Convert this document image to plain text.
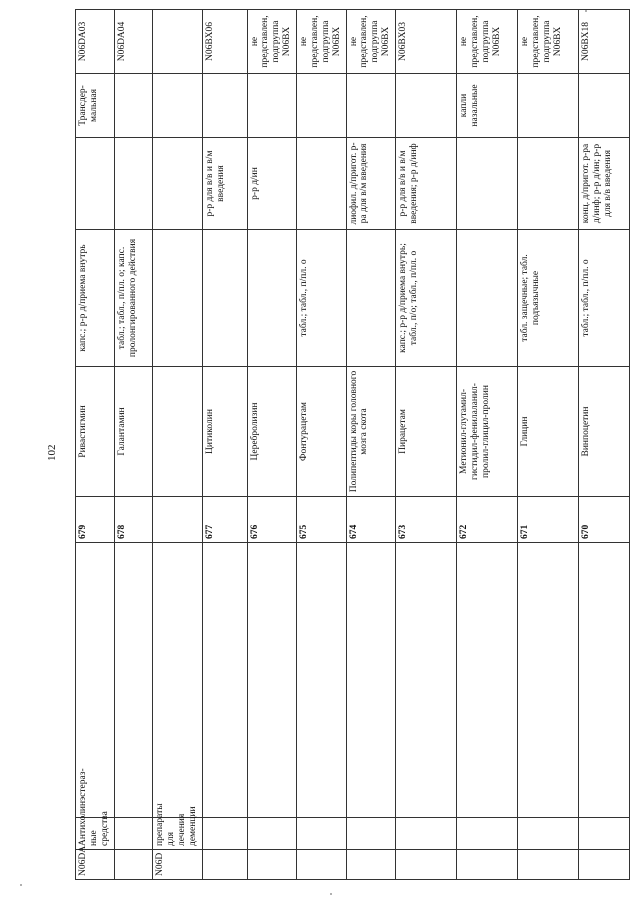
102
N06DA	Антихолинэстераз-ные средства		679	Ривастигмин	капс.; р-р д/приема внутрь		Трансдер-мальная	N06DA03
			678	Галантамин	табл.; табл., п/пл. о; капс. пролонгированного действия			N06DA04
N06D	препараты для лечения деменции							
			677	Цитиколин		р-р для в/в и в/м введения		N06BX06
			676	Церебролизин		р-р д/ин		не представлен, подгруппа N06BX
			675	Фонтурацетам	табл.; табл., п/пл. о			не представлен, подгруппа N06BX
			674	Полипептиды коры головного мозга скота		лиофил. д/пригот. р-ра для в/м введения		не представлен, подгруппа N06BX
			673	Пирацетам	капс.; р-р д/приема внутрь; табл., п/о; табл., п/пл. о	р-р для в/в и в/м введения; р-р д/инф		N06BX03
			672	Метионил-глутамил-гистидил-фенилаланил-пролил-глицил-пролин			капли назальные	не представлен, подгруппа N06BX
			671	Глицин	табл. защечные; табл. подъязычные			не представлен, подгруппа N06BX
			670	Винпоцетин	табл.; табл., п/пл. о	конц. д/пригот. р-ра д/инф; р-р д/ин; р-р для в/в введения		N06BX18
